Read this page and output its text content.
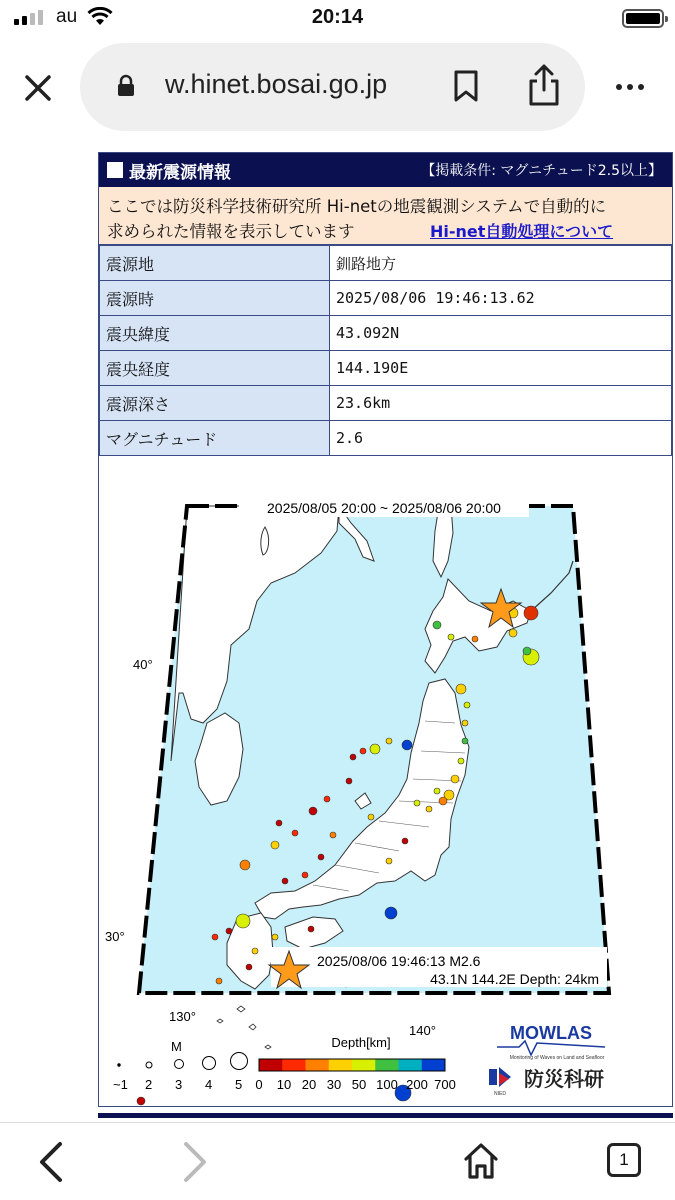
au	20:14
w.hinet.bosai.go.jp
最新震源情報	【掲載条件: マグニチュード2.5以上】
ここでは防災科学技術研究所 Hi-netの地震観測システムで自動的に
求められた情報を表示しています	Hi-net自動処理について
震源地	釧路地方
震源時	2025/08/06 19:46:13.62
震央緯度	43.092N
震央経度	144.190E
震源深さ	23.6km
マグニチュード	2.6
2025/08/05 20:00 ~ 2025/08/06 20:00
40°
30°
130°
140°
2025/08/06 19:46:13 M2.6
43.1N 144.2E Depth: 24km
M
~1 2 3 4 5
Depth[km]
0 10 20 30 50 100 200 700
MOWLAS
Monitoring of Waves on Land and Seafloor
NIED
防災科研
1
